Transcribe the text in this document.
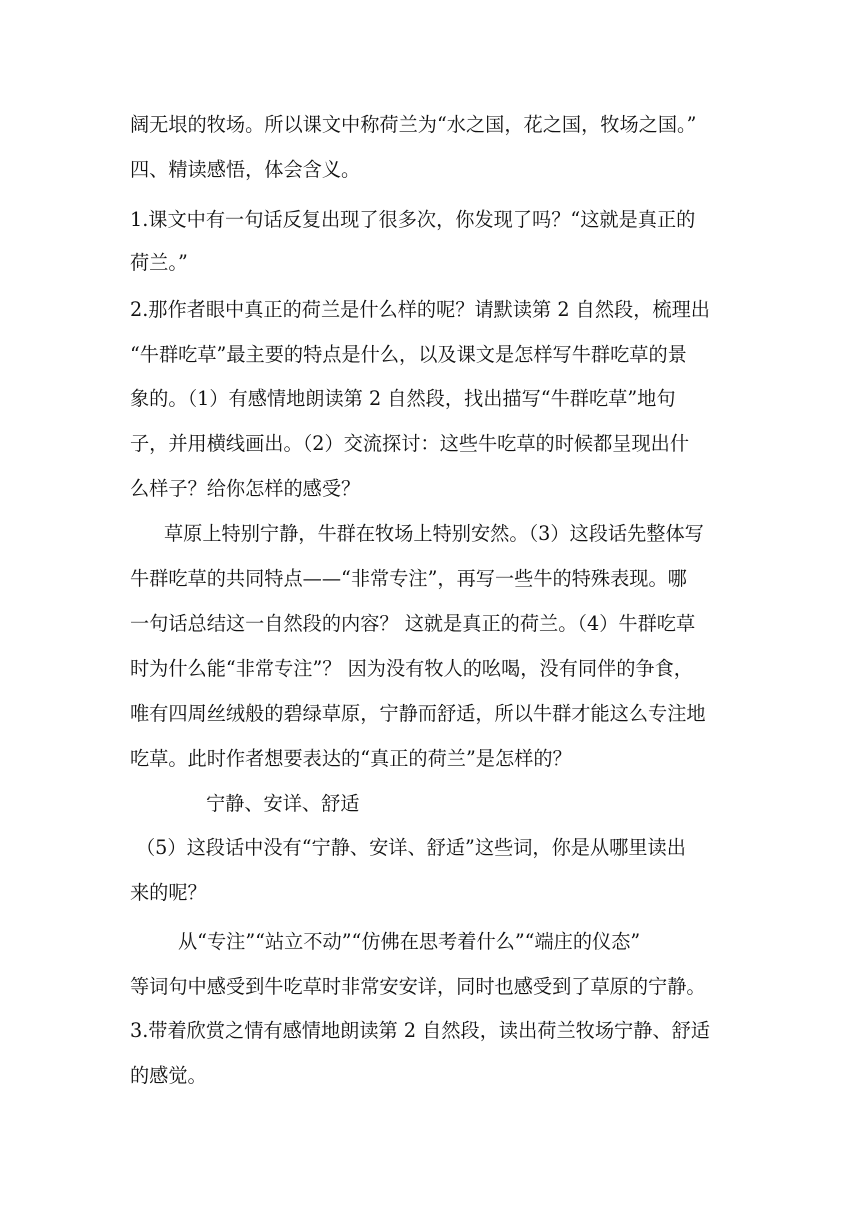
阔无垠的牧场。所以课文中称荷兰为“水之国，花之国，牧场之国。”
四、精读感悟，体会含义。
1.课文中有一句话反复出现了很多次，你发现了吗？“这就是真正的
荷兰。”
2.那作者眼中真正的荷兰是什么样的呢？请默读第 2 自然段，梳理出
“牛群吃草”最主要的特点是什么，以及课文是怎样写牛群吃草的景
象的。（1）有感情地朗读第 2 自然段，找出描写“牛群吃草”地句
子，并用横线画出。（2）交流探讨：这些牛吃草的时候都呈现出什
么样子？给你怎样的感受？
草原上特别宁静，牛群在牧场上特别安然。（3）这段话先整体写
牛群吃草的共同特点——“非常专注”，再写一些牛的特殊表现。哪
一句话总结这一自然段的内容？ 这就是真正的荷兰。（4）牛群吃草
时为什么能“非常专注”？ 因为没有牧人的吆喝，没有同伴的争食，
唯有四周丝绒般的碧绿草原，宁静而舒适，所以牛群才能这么专注地
吃草。此时作者想要表达的“真正的荷兰”是怎样的？
宁静、安详、舒适
（5）这段话中没有“宁静、安详、舒适”这些词，你是从哪里读出
来的呢？
从“专注”“站立不动”“仿佛在思考着什么”“端庄的仪态”
等词句中感受到牛吃草时非常安安详，同时也感受到了草原的宁静。
3.带着欣赏之情有感情地朗读第 2 自然段，读出荷兰牧场宁静、舒适
的感觉。
